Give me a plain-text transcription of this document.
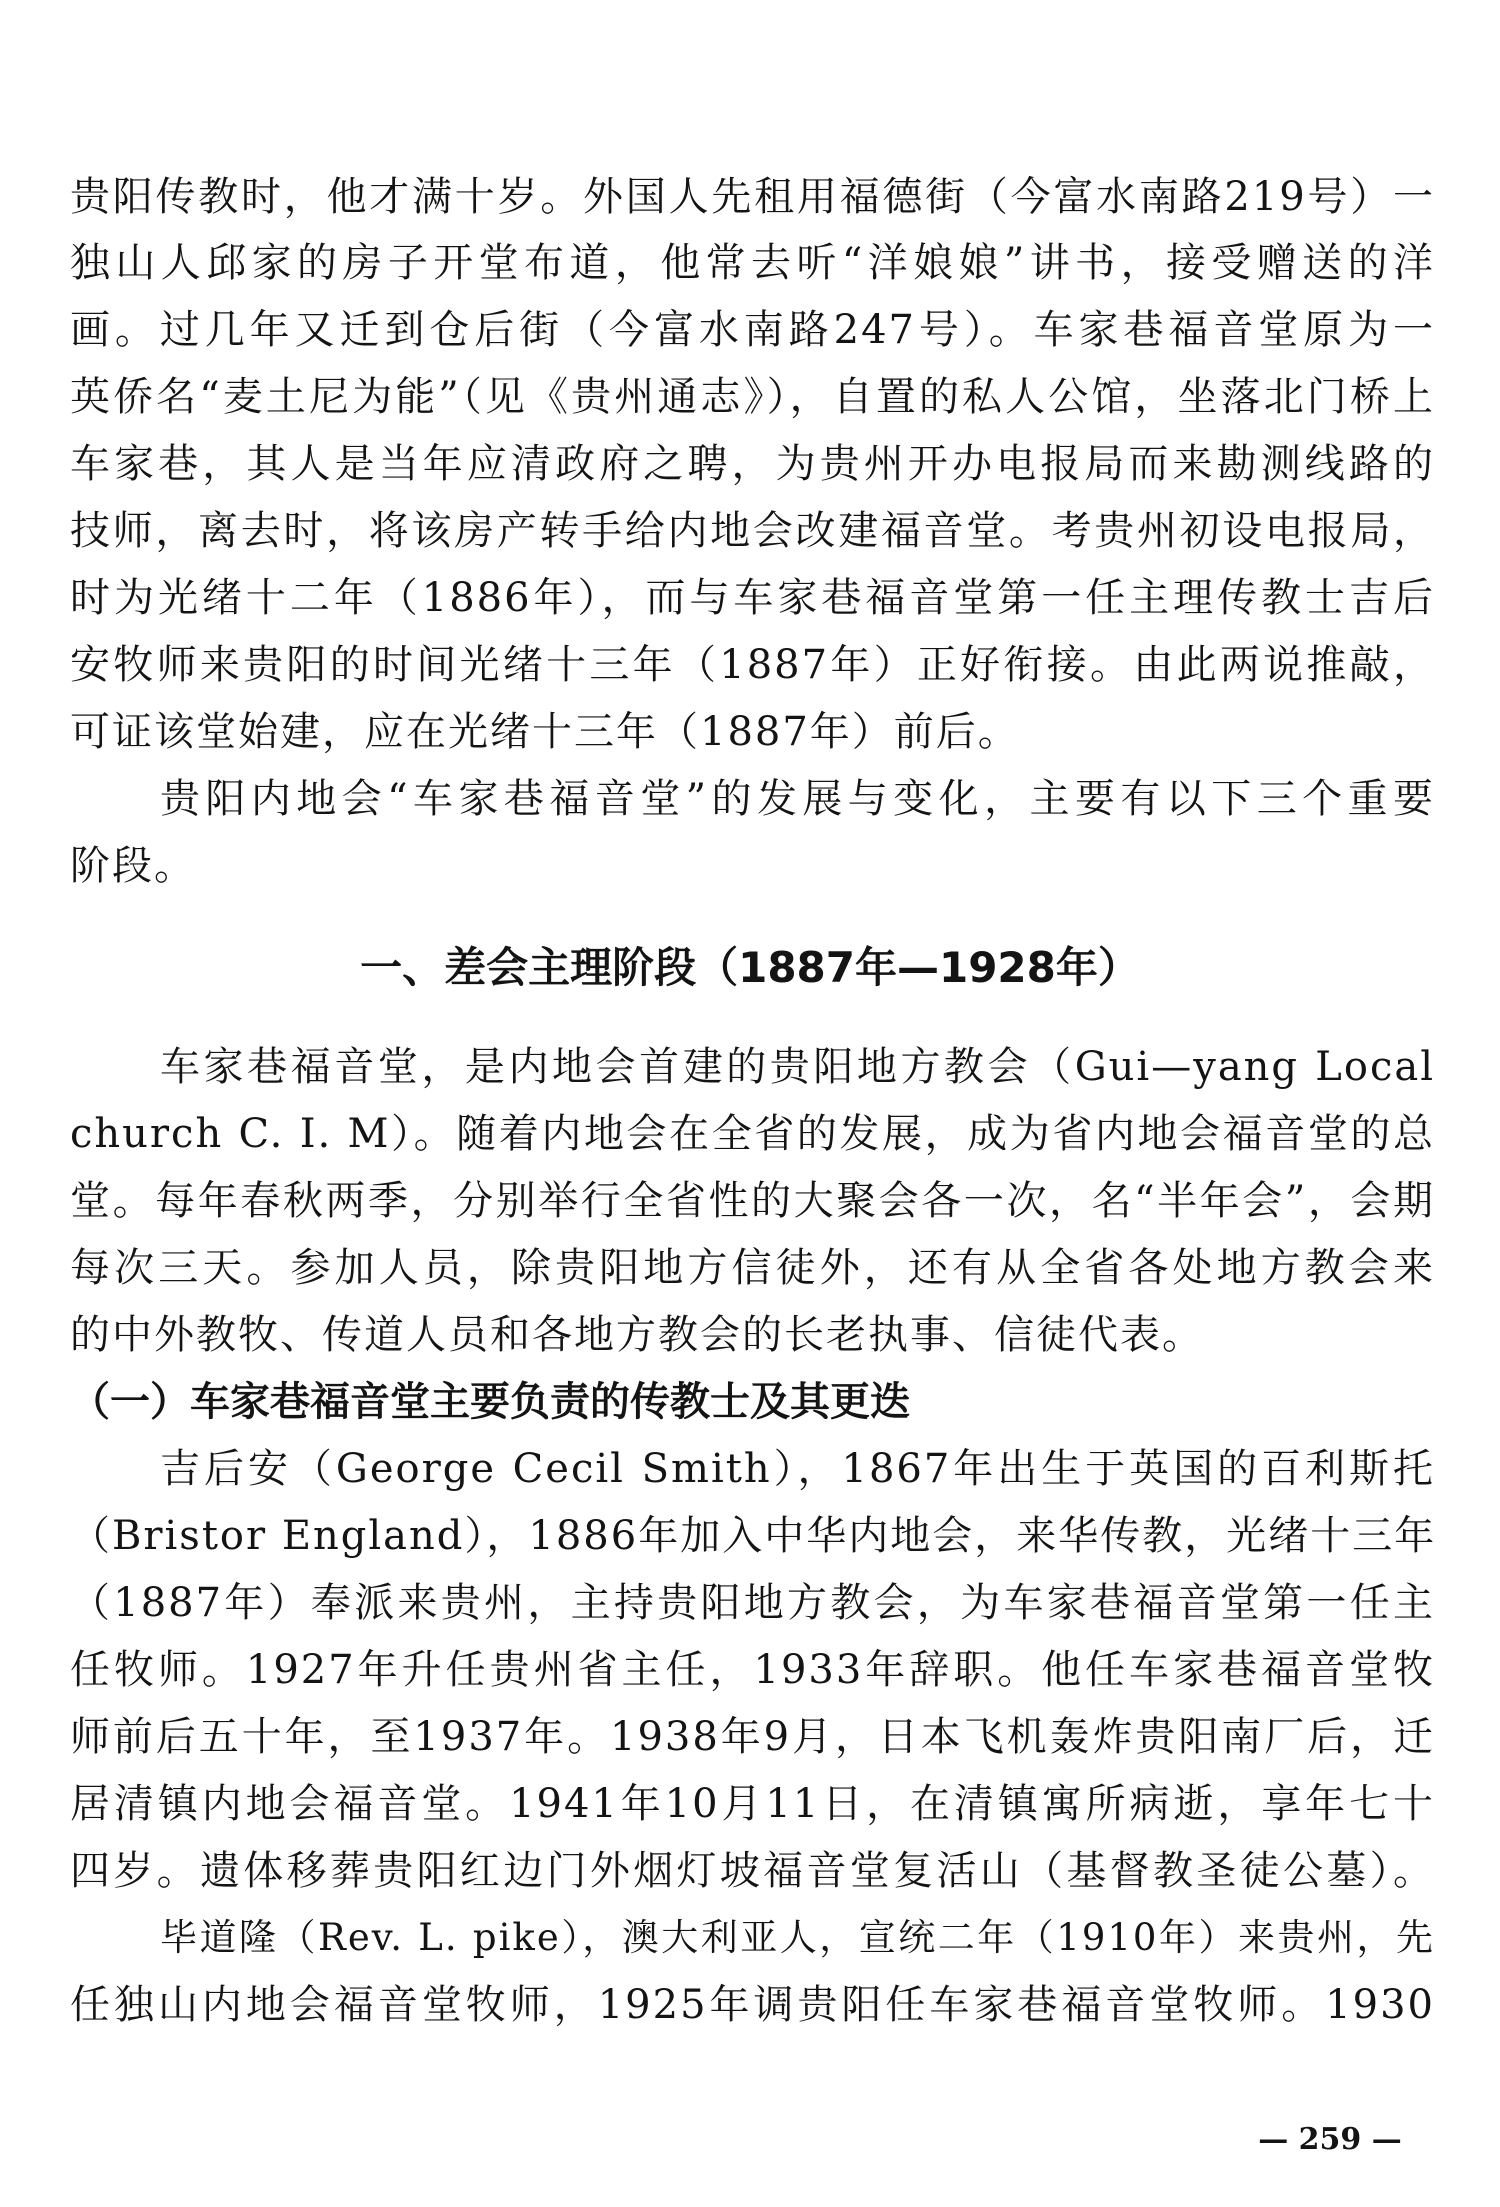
贵阳传教时，他才满十岁。外国人先租用福德街（今富水南路219号）一
独山人邱家的房子开堂布道，他常去听“洋娘娘”讲书，接受赠送的洋
画。过几年又迁到仓后街（今富水南路247号）。车家巷福音堂原为一
英侨名“麦土尼为能”（见《贵州通志》），自置的私人公馆，坐落北门桥上
车家巷，其人是当年应清政府之聘，为贵州开办电报局而来勘测线路的
技师，离去时，将该房产转手给内地会改建福音堂。考贵州初设电报局，
时为光绪十二年（1886年），而与车家巷福音堂第一任主理传教士吉后
安牧师来贵阳的时间光绪十三年（1887年）正好衔接。由此两说推敲，
可证该堂始建，应在光绪十三年（1887年）前后。
贵阳内地会“车家巷福音堂”的发展与变化，主要有以下三个重要
阶段。
一、差会主理阶段（1887年—1928年）
车家巷福音堂，是内地会首建的贵阳地方教会（Gui—yang Local
church C. I. M）。随着内地会在全省的发展，成为省内地会福音堂的总
堂。每年春秋两季，分别举行全省性的大聚会各一次，名“半年会”，会期
每次三天。参加人员，除贵阳地方信徒外，还有从全省各处地方教会来
的中外教牧、传道人员和各地方教会的长老执事、信徒代表。
（一）车家巷福音堂主要负责的传教士及其更迭
吉后安（George Cecil Smith），1867年出生于英国的百利斯托
（Bristor England），1886年加入中华内地会，来华传教，光绪十三年
（1887年）奉派来贵州，主持贵阳地方教会，为车家巷福音堂第一任主
任牧师。1927年升任贵州省主任，1933年辞职。他任车家巷福音堂牧
师前后五十年，至1937年。1938年9月，日本飞机轰炸贵阳南厂后，迁
居清镇内地会福音堂。1941年10月11日，在清镇寓所病逝，享年七十
四岁。遗体移葬贵阳红边门外烟灯坡福音堂复活山（基督教圣徒公墓）。
毕道隆（Rev. L. pike），澳大利亚人，宣统二年（1910年）来贵州，先
任独山内地会福音堂牧师，1925年调贵阳任车家巷福音堂牧师。1930
— 259 —
